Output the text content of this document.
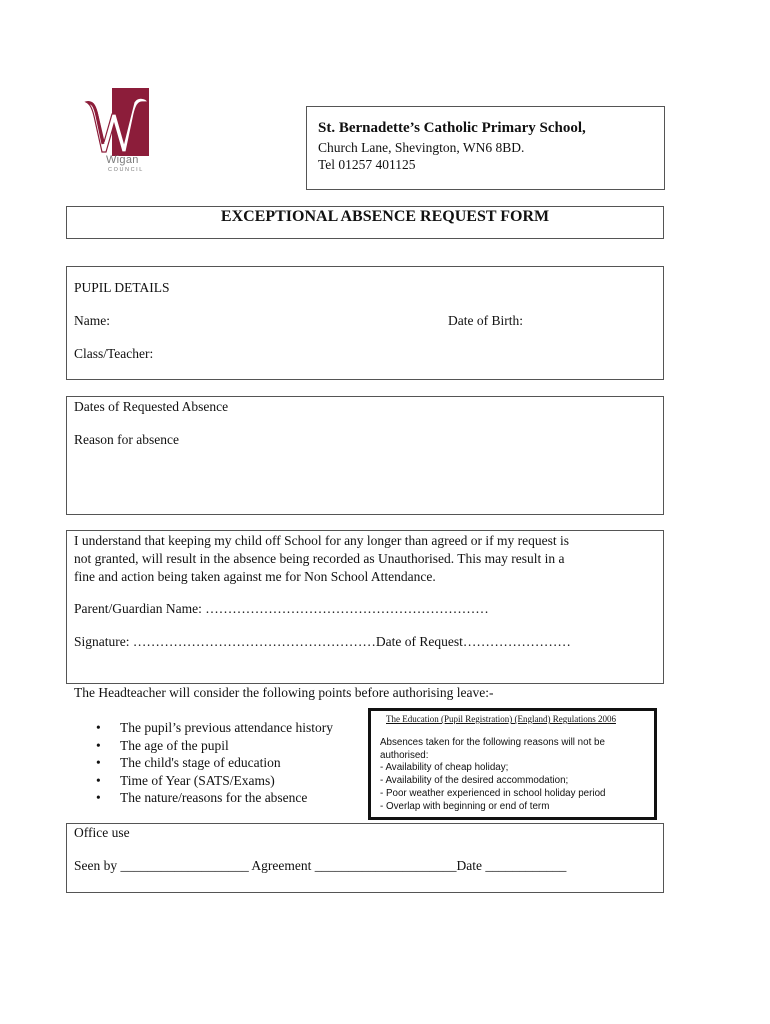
Wigan
COUNCIL
St. Bernadette’s Catholic Primary School,
Church Lane, Shevington, WN6 8BD.
Tel 01257 401125
EXCEPTIONAL ABSENCE REQUEST FORM
PUPIL DETAILS
Name:	Date of Birth:
Class/Teacher:
Dates of Requested Absence
Reason for absence
I understand that keeping my child off School for any longer than agreed or if my request is
not granted, will result in the absence being recorded as Unauthorised. This may result in a
fine and action being taken against me for Non School Attendance.
Parent/Guardian Name: ………………………………………………………
Signature: ………………………………………………Date of Request……………………
The Headteacher will consider the following points before authorising leave:-
• The pupil’s previous attendance history
• The age of the pupil
• The child's stage of education
• Time of Year (SATS/Exams)
• The nature/reasons for the absence
The Education (Pupil Registration) (England) Regulations 2006
Absences taken for the following reasons will not be
authorised:
- Availability of cheap holiday;
- Availability of the desired accommodation;
- Poor weather experienced in school holiday period
- Overlap with beginning or end of term
Office use
Seen by ___________________ Agreement _____________________Date ____________
